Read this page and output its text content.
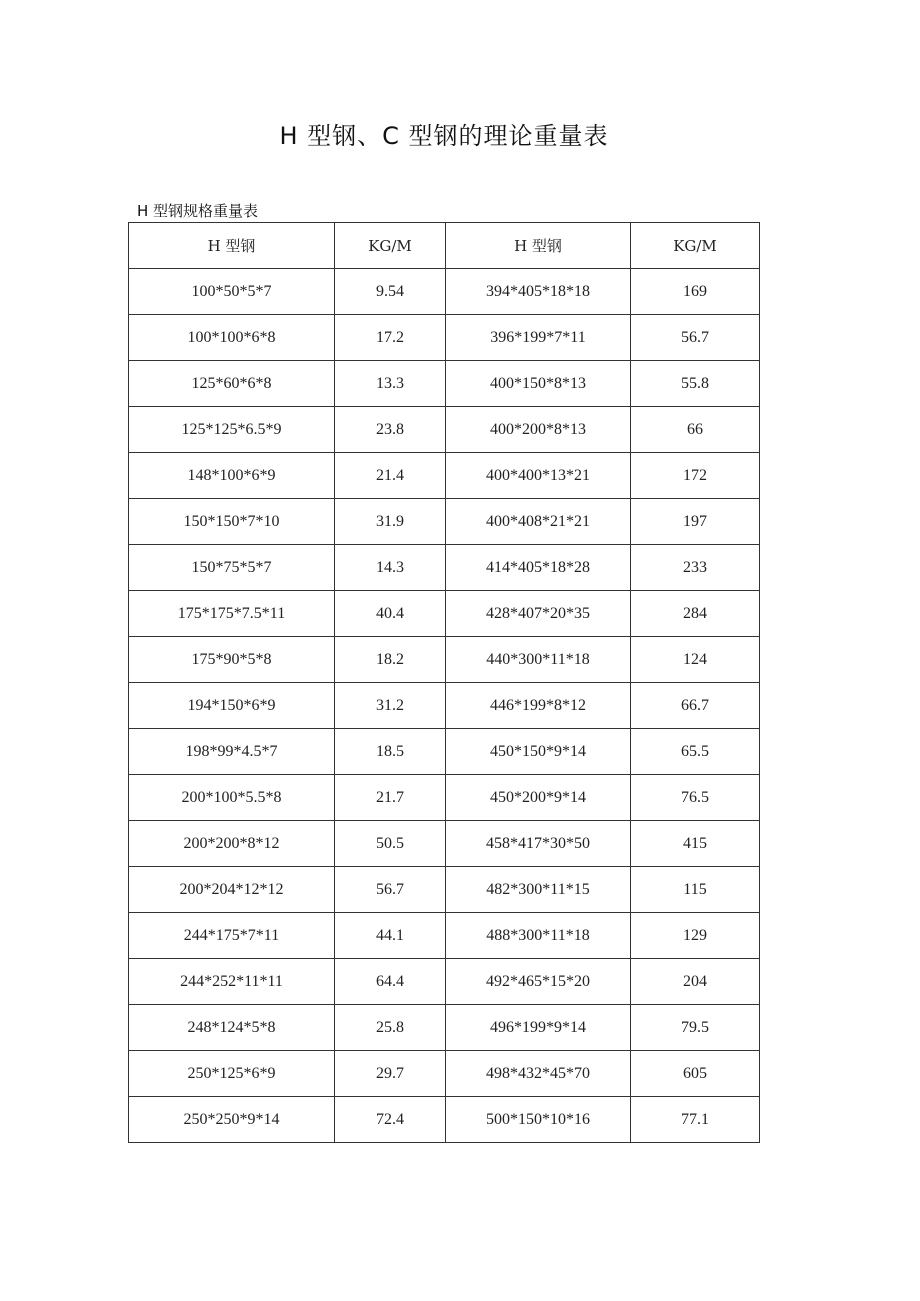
H 型钢、C 型钢的理论重量表
H 型钢规格重量表
H 型钢	KG/M	H 型钢	KG/M
100*50*5*7	9.54	394*405*18*18	169
100*100*6*8	17.2	396*199*7*11	56.7
125*60*6*8	13.3	400*150*8*13	55.8
125*125*6.5*9	23.8	400*200*8*13	66
148*100*6*9	21.4	400*400*13*21	172
150*150*7*10	31.9	400*408*21*21	197
150*75*5*7	14.3	414*405*18*28	233
175*175*7.5*11	40.4	428*407*20*35	284
175*90*5*8	18.2	440*300*11*18	124
194*150*6*9	31.2	446*199*8*12	66.7
198*99*4.5*7	18.5	450*150*9*14	65.5
200*100*5.5*8	21.7	450*200*9*14	76.5
200*200*8*12	50.5	458*417*30*50	415
200*204*12*12	56.7	482*300*11*15	115
244*175*7*11	44.1	488*300*11*18	129
244*252*11*11	64.4	492*465*15*20	204
248*124*5*8	25.8	496*199*9*14	79.5
250*125*6*9	29.7	498*432*45*70	605
250*250*9*14	72.4	500*150*10*16	77.1
